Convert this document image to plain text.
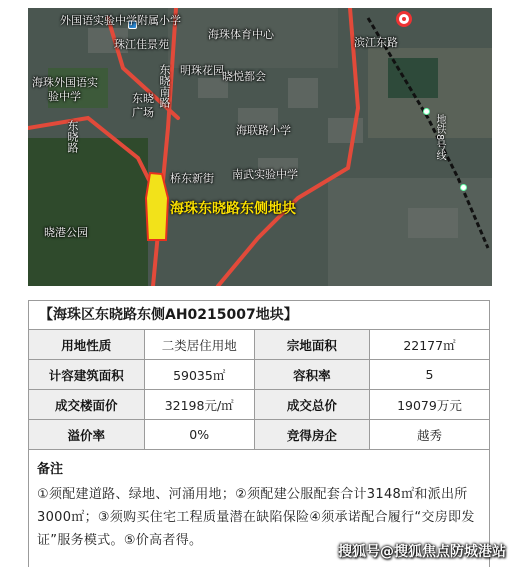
外国语实验中学附属小学
珠江佳景苑
海珠体育中心
滨江东路
海珠外国语实
验中学
明珠花园
晓悦都会
东晓
广场
海联路小学
桥东新街 南武实验中学
晓港公园
东晓南路
东晓路	地铁8号线
海珠东晓路东侧地块
【海珠区东晓路东侧AH0215007地块】
用地性质	二类居住用地	宗地面积	22177㎡
计容建筑面积	59035㎡	容积率	5
成交楼面价	32198元/㎡	成交总价	19079万元
溢价率	0%	竞得房企	越秀
备注
①须配建道路、绿地、河涌用地；②须配建公服配套合计3148㎡和派出所3000㎡；③须购买住宅工程质量潜在缺陷保险④须承诺配合履行“交房即发证”服务模式。⑤价高者得。
搜狐号@搜狐焦点防城港站
